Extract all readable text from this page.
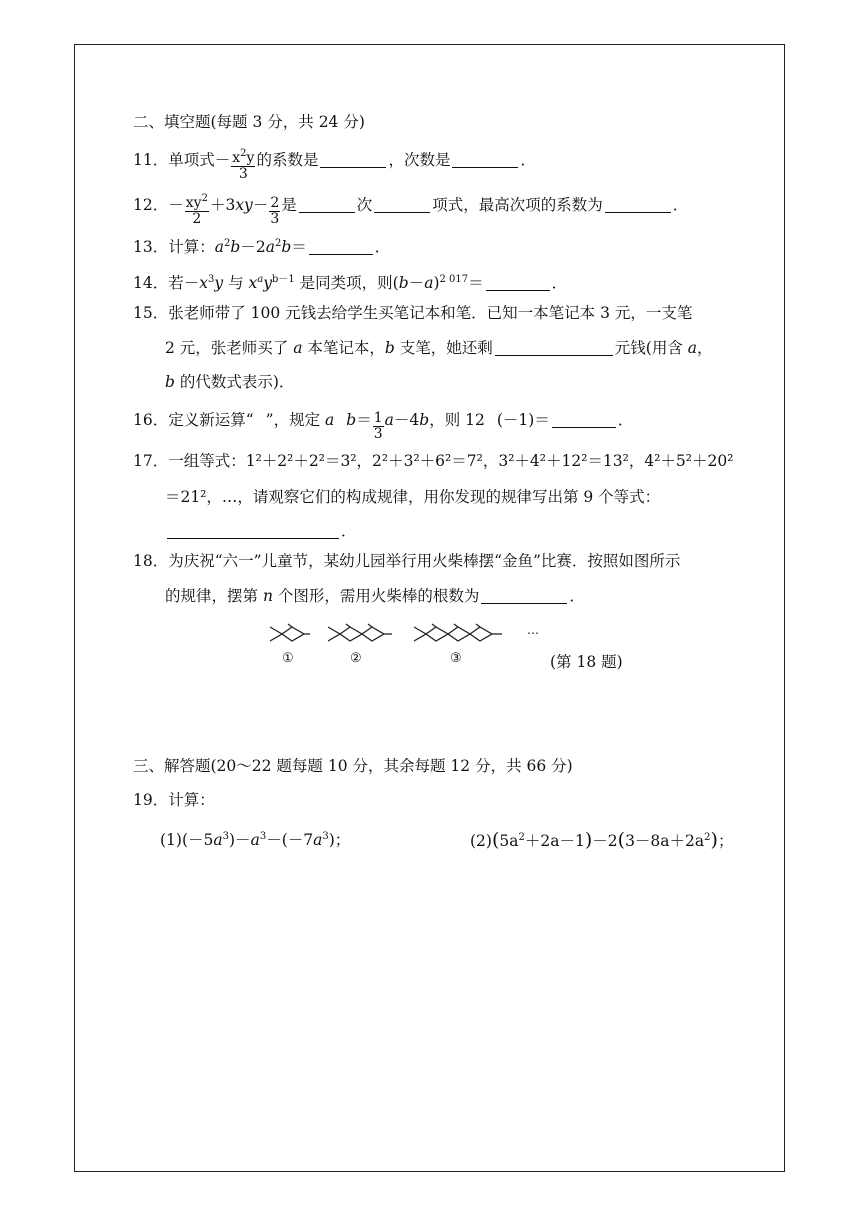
二、填空题(每题 3 分，共 24 分)
11．单项式－ $\frac{x^2y}{3}$ 的系数是	，次数是	．
12．－ $\frac{xy^2}{2} +3xy- \frac{2}{3}$ 是	次	项式，最高次项的系数为	．
13．计算：$a^2b-2a^2b=$	．
14．若$-x^3y$ 与 $x^ay^{b-1}$ 是同类项，则$(b-a)^{2 017}=$	．
15．张老师带了 100 元钱去给学生买笔记本和笔．已知一本笔记本 3 元，一支笔
2 元，张老师买了 a 本笔记本，b 支笔，她还剩	元钱(用含 a，
b 的代数式表示)．
16．定义新运算“ ”，规定 a $b= \frac{1}{3} a-4b$，则 12 (－1)＝	．
17．一组等式：1²＋2²＋2²＝3²，2²＋3²＋6²＝7²，3²＋4²＋12²＝13²，4²＋5²＋20²
＝21²，…，请观察它们的构成规律，用你发现的规律写出第 9 个等式：
．
18．为庆祝“六一”儿童节，某幼儿园举行用火柴棒摆“金鱼”比赛．按照如图所示
的规律，摆第 n 个图形，需用火柴棒的根数为	．
…
①	②	③	(第 18 题)
三、解答题(20～22 题每题 10 分，其余每题 12 分，共 66 分)
19．计算：
$(1)(-5a^3)-a^3-(-7a^3)$；	$(2)(5a^2+2a-1)-2(3-8a+2a^2)$；
